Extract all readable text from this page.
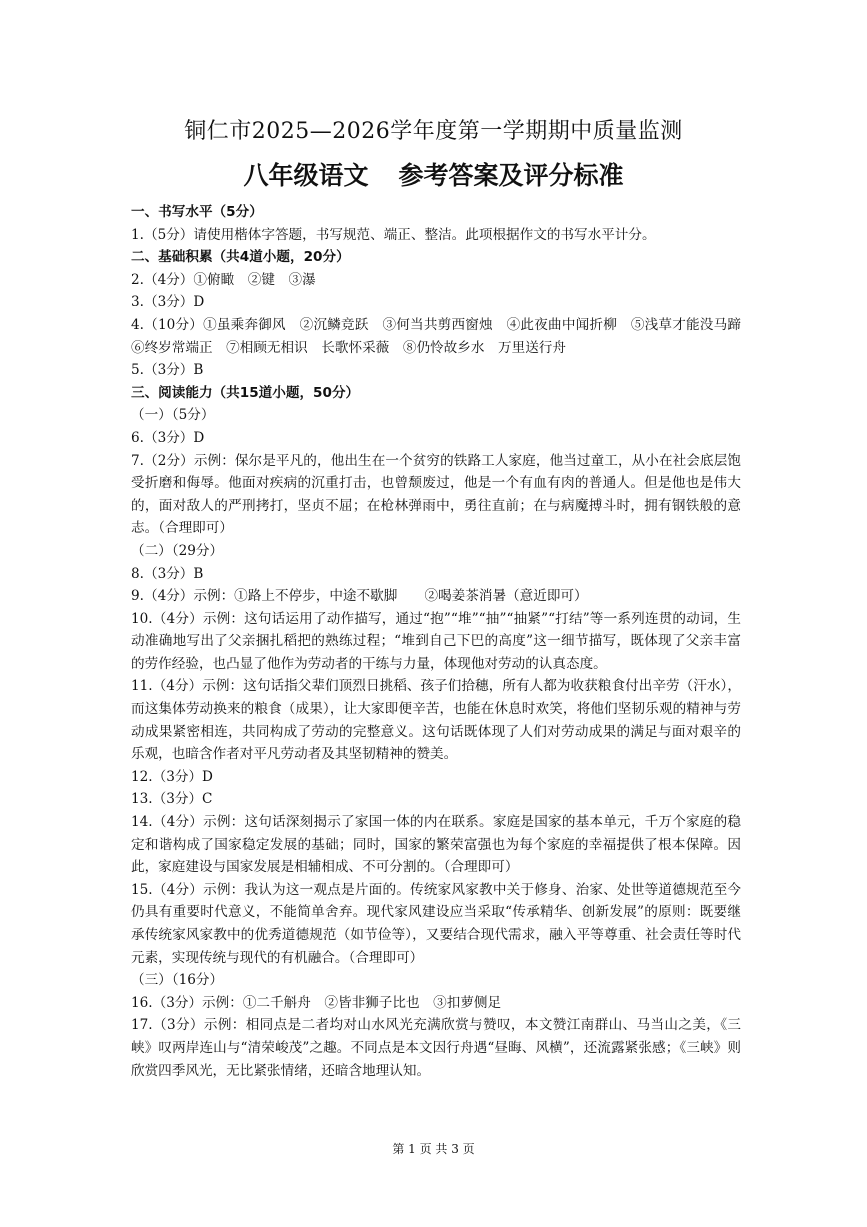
铜仁市2025—2026学年度第一学期期中质量监测
八年级语文 参考答案及评分标准

一、书写水平（5分）

1.（5分）请使用楷体字答题，书写规范、端正、整洁。此项根据作文的书写水平计分。

二、基础积累（共4道小题，20分）

2.（4分）①俯瞰　②键　③瀑

3.（3分）D

4.（10分）①虽乘奔御风　②沉鳞竞跃　③何当共剪西窗烛　④此夜曲中闻折柳　⑤浅草才能没马蹄　⑥终岁常端正　⑦相顾无相识　长歌怀采薇　⑧仍怜故乡水　万里送行舟

5.（3分）B

三、阅读能力（共15道小题，50分）

（一）（5分）

6.（3分）D

7.（2分）示例：保尔是平凡的，他出生在一个贫穷的铁路工人家庭，他当过童工，从小在社会底层饱受折磨和侮辱。他面对疾病的沉重打击，也曾颓废过，他是一个有血有肉的普通人。但是他也是伟大的，面对敌人的严刑拷打，坚贞不屈；在枪林弹雨中，勇往直前；在与病魔搏斗时，拥有钢铁般的意志。（合理即可）

（二）（29分）

8.（3分）B

9.（4分）示例：①路上不停步，中途不歇脚　　②喝姜茶消暑（意近即可）

10.（4分）示例：这句话运用了动作描写，通过“抱”“堆”“抽”“抽紧”“打结”等一系列连贯的动词，生动准确地写出了父亲捆扎稻把的熟练过程；“堆到自己下巴的高度”这一细节描写，既体现了父亲丰富的劳作经验，也凸显了他作为劳动者的干练与力量，体现他对劳动的认真态度。

11.（4分）示例：这句话指父辈们顶烈日挑稻、孩子们拾穗，所有人都为收获粮食付出辛劳（汗水），而这集体劳动换来的粮食（成果），让大家即便辛苦，也能在休息时欢笑，将他们坚韧乐观的精神与劳动成果紧密相连，共同构成了劳动的完整意义。这句话既体现了人们对劳动成果的满足与面对艰辛的乐观，也暗含作者对平凡劳动者及其坚韧精神的赞美。

12.（3分）D

13.（3分）C

14.（4分）示例：这句话深刻揭示了家国一体的内在联系。家庭是国家的基本单元，千万个家庭的稳定和谐构成了国家稳定发展的基础；同时，国家的繁荣富强也为每个家庭的幸福提供了根本保障。因此，家庭建设与国家发展是相辅相成、不可分割的。（合理即可）

15.（4分）示例：我认为这一观点是片面的。传统家风家教中关于修身、治家、处世等道德规范至今仍具有重要时代意义，不能简单舍弃。现代家风建设应当采取“传承精华、创新发展”的原则：既要继承传统家风家教中的优秀道德规范（如节俭等），又要结合现代需求，融入平等尊重、社会责任等时代元素，实现传统与现代的有机融合。（合理即可）

（三）（16分）

16.（3分）示例：①二千斛舟　②皆非狮子比也　③扣萝侧足

17.（3分）示例：相同点是二者均对山水风光充满欣赏与赞叹，本文赞江南群山、马当山之美，《三峡》叹两岸连山与“清荣峻茂”之趣。不同点是本文因行舟遇“昼晦、风横”，还流露紧张感；《三峡》则欣赏四季风光，无比紧张情绪，还暗含地理认知。

第 1 页 共 3 页
